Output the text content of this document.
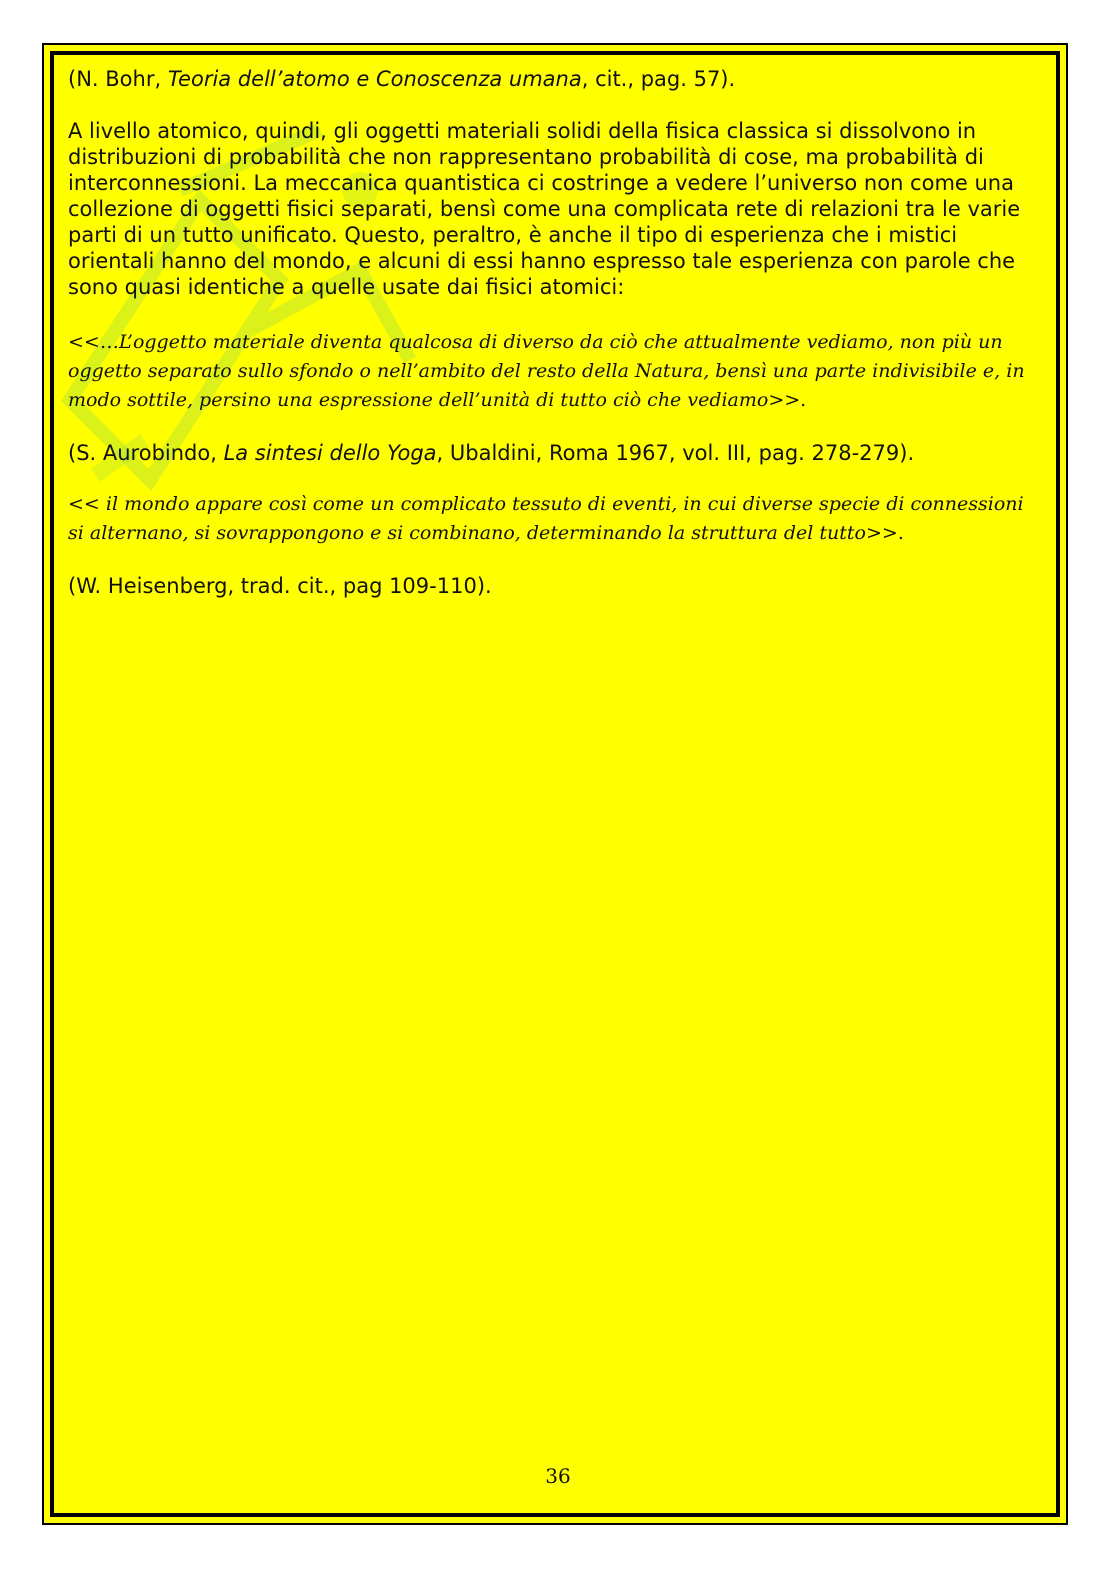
(N. Bohr, Teoria dell’atomo e Conoscenza umana, cit., pag. 57).

A livello atomico, quindi, gli oggetti materiali solidi della fisica classica si dissolvono in distribuzioni di probabilità che non rappresentano probabilità di cose, ma probabilità di interconnessioni. La meccanica quantistica ci costringe a vedere l’universo non come una collezione di oggetti fisici separati, bensì come una complicata rete di relazioni tra le varie parti di un tutto unificato. Questo, peraltro, è anche il tipo di esperienza che i mistici orientali hanno del mondo, e alcuni di essi hanno espresso tale esperienza con parole che sono quasi identiche a quelle usate dai fisici atomici:

<<…L’oggetto materiale diventa qualcosa di diverso da ciò che attualmente vediamo, non più un oggetto separato sullo sfondo o nell’ambito del resto della Natura, bensì una parte indivisibile e, in modo sottile, persino una espressione dell’unità di tutto ciò che vediamo>>.

(S. Aurobindo, La sintesi dello Yoga, Ubaldini, Roma 1967, vol. III, pag. 278-279).

<< il mondo appare così come un complicato tessuto di eventi, in cui diverse specie di connessioni si alternano, si sovrappongono e si combinano, determinando la struttura del tutto>>.

(W. Heisenberg, trad. cit., pag 109-110).

36
